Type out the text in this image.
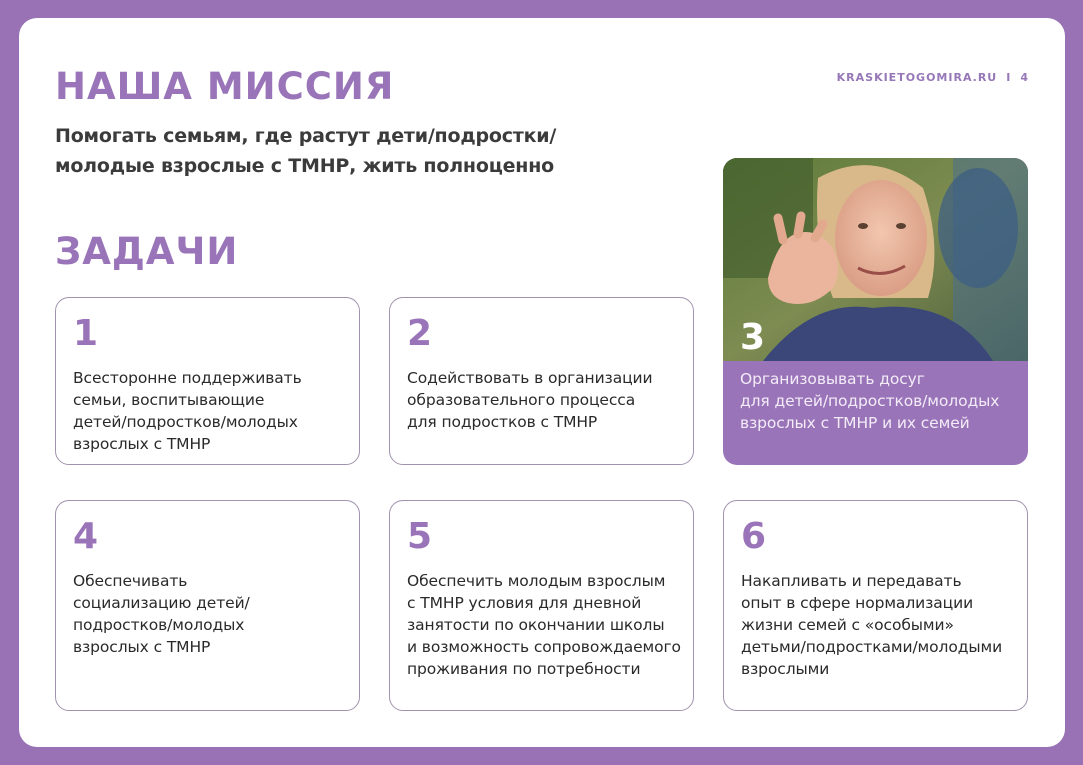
KRASKIETOGOMIRA.RU I 4
НАША МИССИЯ

Помогать семьям, где растут дети/подростки/ молодые взрослые с ТМНР, жить полноценно

ЗАДАЧИ
1
Всесторонне поддерживать
семьи, воспитывающие
детей/подростков/молодых
взрослых с ТМНР
2
Содействовать в организации
образовательного процесса
для подростков с ТМНР
3
Организовывать досуг
для детей/подростков/молодых
взрослых с ТМНР и их семей
4
Обеспечивать
социализацию детей/
подростков/молодых
взрослых с ТМНР
5
Обеспечить молодым взрослым
с ТМНР условия для дневной
занятости по окончании школы
и возможность сопровождаемого
проживания по потребности
6
Накапливать и передавать
опыт в сфере нормализации
жизни семей с «особыми»
детьми/подростками/молодыми
взрослыми
